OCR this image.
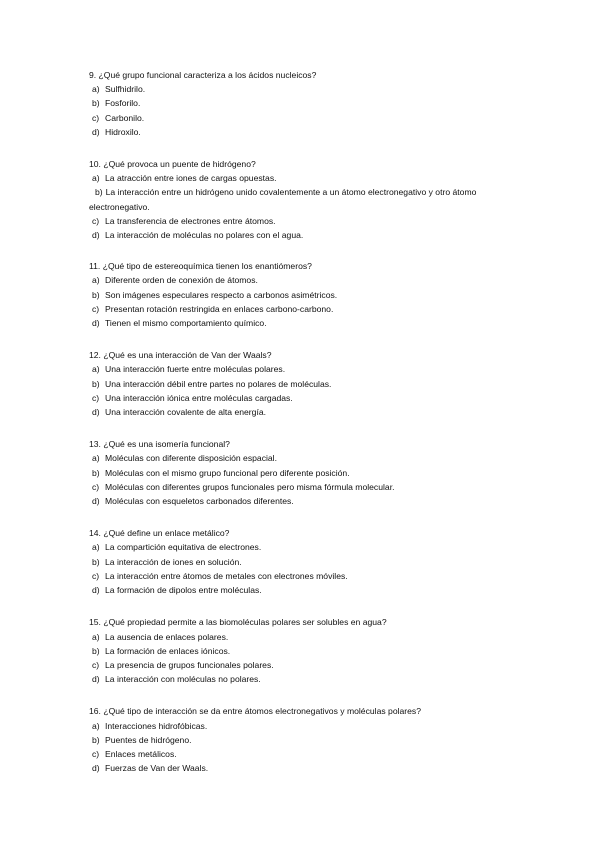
9. ¿Qué grupo funcional caracteriza a los ácidos nucleicos?

a) Sulfhidrilo.
b) Fosforilo.
c) Carbonilo.
d) Hidroxilo.

10. ¿Qué provoca un puente de hidrógeno?

a) La atracción entre iones de cargas opuestas.
b) La interacción entre un hidrógeno unido covalentemente a un átomo electronegativo y otro átomo electronegativo.
c) La transferencia de electrones entre átomos.
d) La interacción de moléculas no polares con el agua.

11. ¿Qué tipo de estereoquímica tienen los enantiómeros?

a) Diferente orden de conexión de átomos.
b) Son imágenes especulares respecto a carbonos asimétricos.
c) Presentan rotación restringida en enlaces carbono-carbono.
d) Tienen el mismo comportamiento químico.

12. ¿Qué es una interacción de Van der Waals?

a) Una interacción fuerte entre moléculas polares.
b) Una interacción débil entre partes no polares de moléculas.
c) Una interacción iónica entre moléculas cargadas.
d) Una interacción covalente de alta energía.

13. ¿Qué es una isomería funcional?

a) Moléculas con diferente disposición espacial.
b) Moléculas con el mismo grupo funcional pero diferente posición.
c) Moléculas con diferentes grupos funcionales pero misma fórmula molecular.
d) Moléculas con esqueletos carbonados diferentes.

14. ¿Qué define un enlace metálico?

a) La compartición equitativa de electrones.
b) La interacción de iones en solución.
c) La interacción entre átomos de metales con electrones móviles.
d) La formación de dipolos entre moléculas.

15. ¿Qué propiedad permite a las biomoléculas polares ser solubles en agua?

a) La ausencia de enlaces polares.
b) La formación de enlaces iónicos.
c) La presencia de grupos funcionales polares.
d) La interacción con moléculas no polares.

16. ¿Qué tipo de interacción se da entre átomos electronegativos y moléculas polares?

a) Interacciones hidrofóbicas.
b) Puentes de hidrógeno.
c) Enlaces metálicos.
d) Fuerzas de Van der Waals.
